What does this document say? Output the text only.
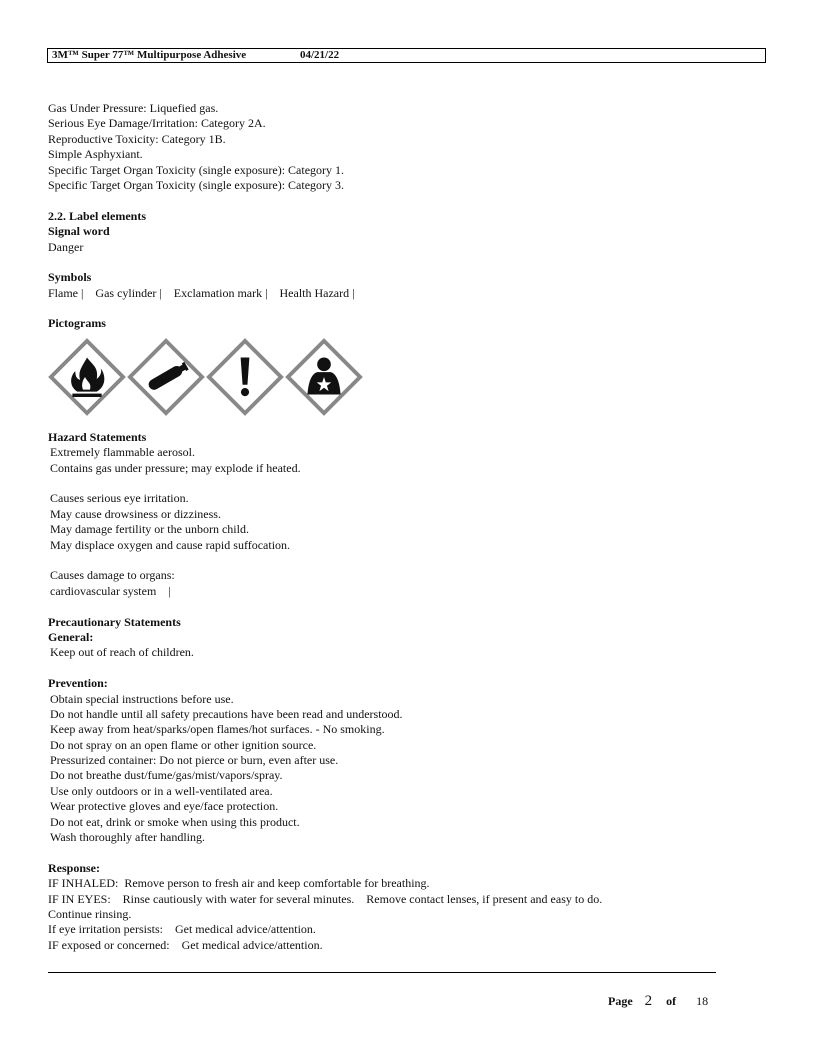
3M™ Super 77™ Multipurpose Adhesive	04/21/22
Gas Under Pressure: Liquefied gas.
Serious Eye Damage/Irritation: Category 2A.
Reproductive Toxicity: Category 1B.
Simple Asphyxiant.
Specific Target Organ Toxicity (single exposure): Category 1.
Specific Target Organ Toxicity (single exposure): Category 3.
2.2. Label elements
Signal word
Danger
Symbols
Flame | Gas cylinder | Exclamation mark | Health Hazard |
Pictograms
Hazard Statements
Extremely flammable aerosol.
Contains gas under pressure; may explode if heated.
Causes serious eye irritation.
May cause drowsiness or dizziness.
May damage fertility or the unborn child.
May displace oxygen and cause rapid suffocation.
Causes damage to organs:
cardiovascular system    |
Precautionary Statements
General:
Keep out of reach of children.
Prevention:
Obtain special instructions before use.
Do not handle until all safety precautions have been read and understood.
Keep away from heat/sparks/open flames/hot surfaces. - No smoking.
Do not spray on an open flame or other ignition source.
Pressurized container: Do not pierce or burn, even after use.
Do not breathe dust/fume/gas/mist/vapors/spray.
Use only outdoors or in a well-ventilated area.
Wear protective gloves and eye/face protection.
Do not eat, drink or smoke when using this product.
Wash thoroughly after handling.
Response:
IF INHALED:  Remove person to fresh air and keep comfortable for breathing.
IF IN EYES:    Rinse cautiously with water for several minutes.    Remove contact lenses, if present and easy to do.
Continue rinsing.
If eye irritation persists:    Get medical advice/attention.
IF exposed or concerned:    Get medical advice/attention.
Page 2 of 18
